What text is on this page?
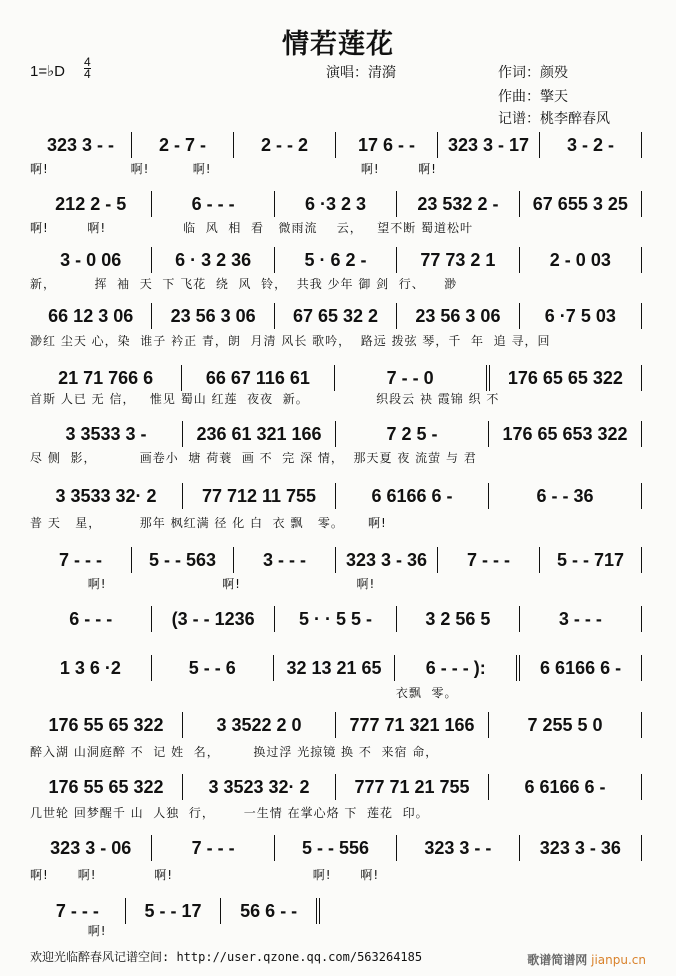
情若莲花
1=♭D
4
4	演唱：清漪	作词：颜殁
作曲：擎天
记谱：桃李醉春风
323 3 - -	2 - 7 -	2 - - 2	17 6 - -	323 3 - 17	3 - 2 -
啊!                 啊!         啊!                               啊!        啊!
212 2 - 5	6 - - -	6 ·3 2 3	23 532 2 -	67 655 3 25
啊!        啊!                临  风  相  看   微雨流    云，   望不断 蜀道松叶
3 - 0 06	6 · 3 2 36	5 · 6 2 -	77 73 2 1	2 - 0 03
新，        挥  袖  天  下 飞花  绕  风  铃，  共我 少年 御 剑  行、    渺
66 12 3 06	23 56 3 06	67 65 32 2	23 56 3 06	6 ·7 5 03
渺红 尘天 心，染  谁子 衿正 青，朗  月清 风长 歌吟，  路远 拨弦 琴，千  年  追 寻，回
21 71 766 6	66 67 116 61	7 - - 0	176 65 65 322
首斯 人已 无 信，   惟见 蜀山 红莲  夜夜  新。              织段云 袂 霞锦 织 不
3 3533 3 -	236 61 321 166	7 2 5 -	176 65 653 322
尽 侧  影，         画卷小  塘 荷蓑  画 不  完 深 情，  那天夏 夜 流萤 与 君
3 3533 32· 2	77 712 11 755	6 6166 6 -	6 - - 36
普 天   星，        那年 枫红满 径 化 白  衣 飘   零。     啊!
7 - - -	5 - - 563	3 - - -	323 3 - 36	7 - - -	5 - - 717
啊!                        啊!                        啊!
6 - - -	(3 - - 1236	5 · · 5 5 -	3 2 56 5	3 - - -
1 3 6 ·2	5 - - 6	32 13 21 65	6 - - - ):	6 6166 6 -
衣飘  零。
176 55 65 322	3 3522 2 0	777 71 321 166	7 255 5 0
醉入湖 山洞庭醉 不  记 姓  名，       换过浮 光掠镜 换 不  来宿 命，
176 55 65 322	3 3523 32· 2	777 71 21 755	6 6166 6 -
几世轮 回梦醒千 山  人独  行，      一生情 在掌心烙 下  莲花  印。
323 3 - 06	7 - - -	5 - - 556	323 3 - -	323 3 - 36
啊!      啊!            啊!                             啊!      啊!
7 - - -	5 - - 17	56 6 - -
啊!
欢迎光临醉春风记谱空间: http://user.qzone.qq.com/563264185	歌谱简谱网 jianpu.cn
